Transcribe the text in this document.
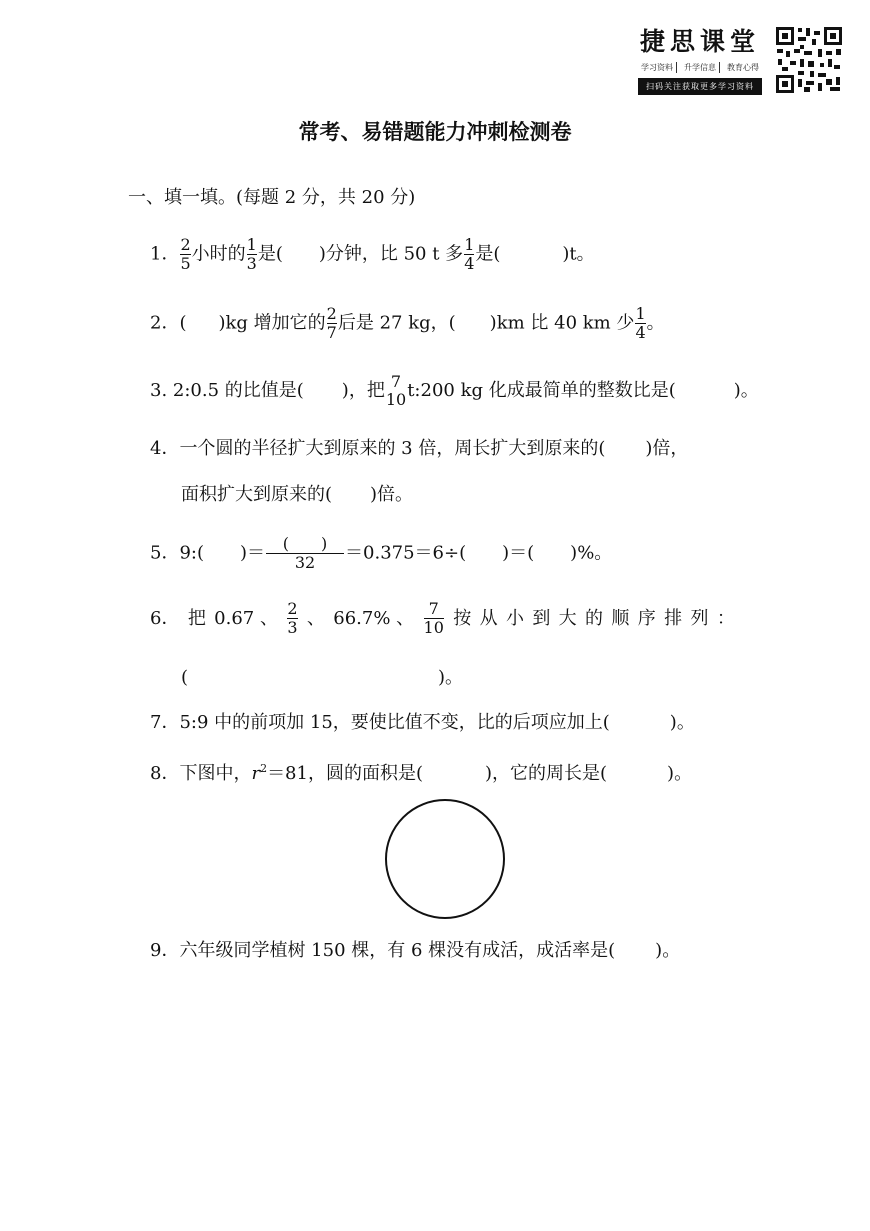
捷思课堂
学习资料	升学信息	教育心得
扫码关注获取更多学习资料
常考、易错题能力冲刺检测卷
一、填一填。(每题 2 分，共 20 分)
1． $\frac{2}{5}$ 小时的 $\frac{1}{3}$ 是( )分钟，比 50 t 多 $\frac{1}{4}$ 是(	)t。
2．( )kg 增加它的 $\frac{2}{7}$ 后是 27 kg，( )km 比 40 km 少 $\frac{1}{4}$ 。
3. 2:0.5 的比值是( )，把 7
10 t:200 kg 化成最简单的整数比是(	)。
4．一个圆的半径扩大到原来的 3 倍，周长扩大到原来的( )倍，
面积扩大到原来的( )倍。
5．9:( )＝ $\frac{( )}{32} =0.375=6\div$( )＝( )%。
6． 把 0.67 、 $\frac{2}{3}$ 、 66.7% 、 $\frac{7}{10}$ 按 从 小 到 大 的 顺 序 排 列 ：
(	)。
7．5:9 中的前项加 15，要使比值不变，比的后项应加上(	)。
8．下图中，$r^2=81$，圆的面积是(	)，它的周长是(	)。
9．六年级同学植树 150 棵，有 6 棵没有成活，成活率是( )。
